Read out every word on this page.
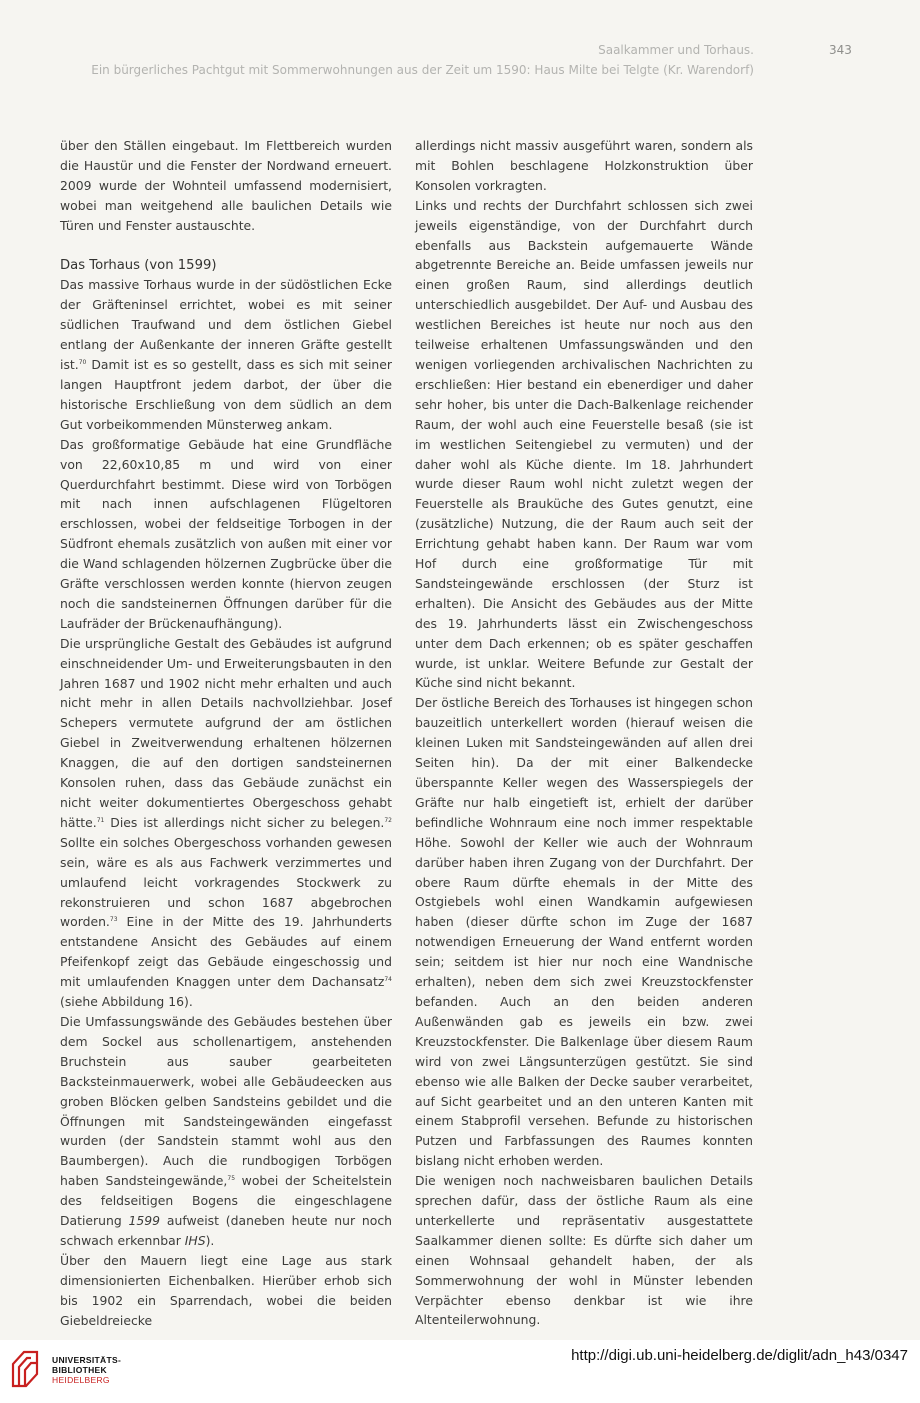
Saalkammer und Torhaus.
Ein bürgerliches Pachtgut mit Sommerwohnungen aus der Zeit um 1590: Haus Milte bei Telgte (Kr. Warendorf)
343

über den Ställen eingebaut. Im Flettbereich wurden die Haustür und die Fenster der Nordwand erneuert. 2009 wurde der Wohnteil umfassend modernisiert, wobei man weitgehend alle baulichen Details wie Türen und Fenster austauschte.

Das Torhaus (von 1599)

Das massive Torhaus wurde in der südöstlichen Ecke der Gräfteninsel errichtet, wobei es mit seiner südlichen Traufwand und dem östlichen Giebel entlang der Außenkante der inneren Gräfte gestellt ist.$^{70}$ Damit ist es so gestellt, dass es sich mit seiner langen Hauptfront jedem darbot, der über die historische Erschließung von dem südlich an dem Gut vorbeikommenden Münsterweg ankam.

Das großformatige Gebäude hat eine Grundfläche von 22,60x10,85 m und wird von einer Querdurchfahrt bestimmt. Diese wird von Torbögen mit nach innen aufschlagenen Flügeltoren erschlossen, wobei der feldseitige Torbogen in der Südfront ehemals zusätzlich von außen mit einer vor die Wand schlagenden hölzernen Zugbrücke über die Gräfte verschlossen werden konnte (hiervon zeugen noch die sandsteinernen Öffnungen darüber für die Laufräder der Brückenaufhängung).

Die ursprüngliche Gestalt des Gebäudes ist aufgrund einschneidender Um- und Erweiterungsbauten in den Jahren 1687 und 1902 nicht mehr erhalten und auch nicht mehr in allen Details nachvollziehbar. Josef Schepers vermutete aufgrund der am östlichen Giebel in Zweitverwendung erhaltenen hölzernen Knaggen, die auf den dortigen sandsteinernen Konsolen ruhen, dass das Gebäude zunächst ein nicht weiter dokumentiertes Obergeschoss gehabt hätte.$^{71}$ Dies ist allerdings nicht sicher zu belegen.$^{72}$ Sollte ein solches Obergeschoss vorhanden gewesen sein, wäre es als aus Fachwerk verzimmertes und umlaufend leicht vorkragendes Stockwerk zu rekonstruieren und schon 1687 abgebrochen worden.$^{73}$ Eine in der Mitte des 19. Jahrhunderts entstandene Ansicht des Gebäudes auf einem Pfeifenkopf zeigt das Gebäude eingeschossig und mit umlaufenden Knaggen unter dem Dachansatz$^{74}$ (siehe Abbildung 16).

Die Umfassungswände des Gebäudes bestehen über dem Sockel aus schollenartigem, anstehenden Bruchstein aus sauber gearbeiteten Backsteinmauerwerk, wobei alle Gebäudeecken aus groben Blöcken gelben Sandsteins gebildet und die Öffnungen mit Sandsteingewänden eingefasst wurden (der Sandstein stammt wohl aus den Baumbergen). Auch die rundbogigen Torbögen haben Sandsteingewände,$^{75}$ wobei der Scheitelstein des feldseitigen Bogens die eingeschlagene Datierung 1599 aufweist (daneben heute nur noch schwach erkennbar IHS).

Über den Mauern liegt eine Lage aus stark dimensionierten Eichenbalken. Hierüber erhob sich bis 1902 ein Sparrendach, wobei die beiden Giebeldreiecke

allerdings nicht massiv ausgeführt waren, sondern als mit Bohlen beschlagene Holzkonstruktion über Konsolen vorkragten.

Links und rechts der Durchfahrt schlossen sich zwei jeweils eigenständige, von der Durchfahrt durch ebenfalls aus Backstein aufgemauerte Wände abgetrennte Bereiche an. Beide umfassen jeweils nur einen großen Raum, sind allerdings deutlich unterschiedlich ausgebildet. Der Auf- und Ausbau des westlichen Bereiches ist heute nur noch aus den teilweise erhaltenen Umfassungswänden und den wenigen vorliegenden archivalischen Nachrichten zu erschließen: Hier bestand ein ebenerdiger und daher sehr hoher, bis unter die Dach-Balkenlage reichender Raum, der wohl auch eine Feuerstelle besaß (sie ist im westlichen Seitengiebel zu vermuten) und der daher wohl als Küche diente. Im 18. Jahrhundert wurde dieser Raum wohl nicht zuletzt wegen der Feuerstelle als Brauküche des Gutes genutzt, eine (zusätzliche) Nutzung, die der Raum auch seit der Errichtung gehabt haben kann. Der Raum war vom Hof durch eine großformatige Tür mit Sandsteingewände erschlossen (der Sturz ist erhalten). Die Ansicht des Gebäudes aus der Mitte des 19. Jahrhunderts lässt ein Zwischengeschoss unter dem Dach erkennen; ob es später geschaffen wurde, ist unklar. Weitere Befunde zur Gestalt der Küche sind nicht bekannt.

Der östliche Bereich des Torhauses ist hingegen schon bauzeitlich unterkellert worden (hierauf weisen die kleinen Luken mit Sandsteingewänden auf allen drei Seiten hin). Da der mit einer Balkendecke überspannte Keller wegen des Wasserspiegels der Gräfte nur halb eingetieft ist, erhielt der darüber befindliche Wohnraum eine noch immer respektable Höhe. Sowohl der Keller wie auch der Wohnraum darüber haben ihren Zugang von der Durchfahrt. Der obere Raum dürfte ehemals in der Mitte des Ostgiebels wohl einen Wandkamin aufgewiesen haben (dieser dürfte schon im Zuge der 1687 notwendigen Erneuerung der Wand entfernt worden sein; seitdem ist hier nur noch eine Wandnische erhalten), neben dem sich zwei Kreuzstockfenster befanden. Auch an den beiden anderen Außenwänden gab es jeweils ein bzw. zwei Kreuzstockfenster. Die Balkenlage über diesem Raum wird von zwei Längsunterzügen gestützt. Sie sind ebenso wie alle Balken der Decke sauber verarbeitet, auf Sicht gearbeitet und an den unteren Kanten mit einem Stabprofil versehen. Befunde zu historischen Putzen und Farbfassungen des Raumes konnten bislang nicht erhoben werden.

Die wenigen noch nachweisbaren baulichen Details sprechen dafür, dass der östliche Raum als eine unterkellerte und repräsentativ ausgestattete Saalkammer dienen sollte: Es dürfte sich daher um einen Wohnsaal gehandelt haben, der als Sommerwohnung der wohl in Münster lebenden Verpächter ebenso denkbar ist wie ihre Altenteilerwohnung.

UNIVERSITÄTS-
BIBLIOTHEK
HEIDELBERG
http://digi.ub.uni-heidelberg.de/diglit/adn_h43/0347
